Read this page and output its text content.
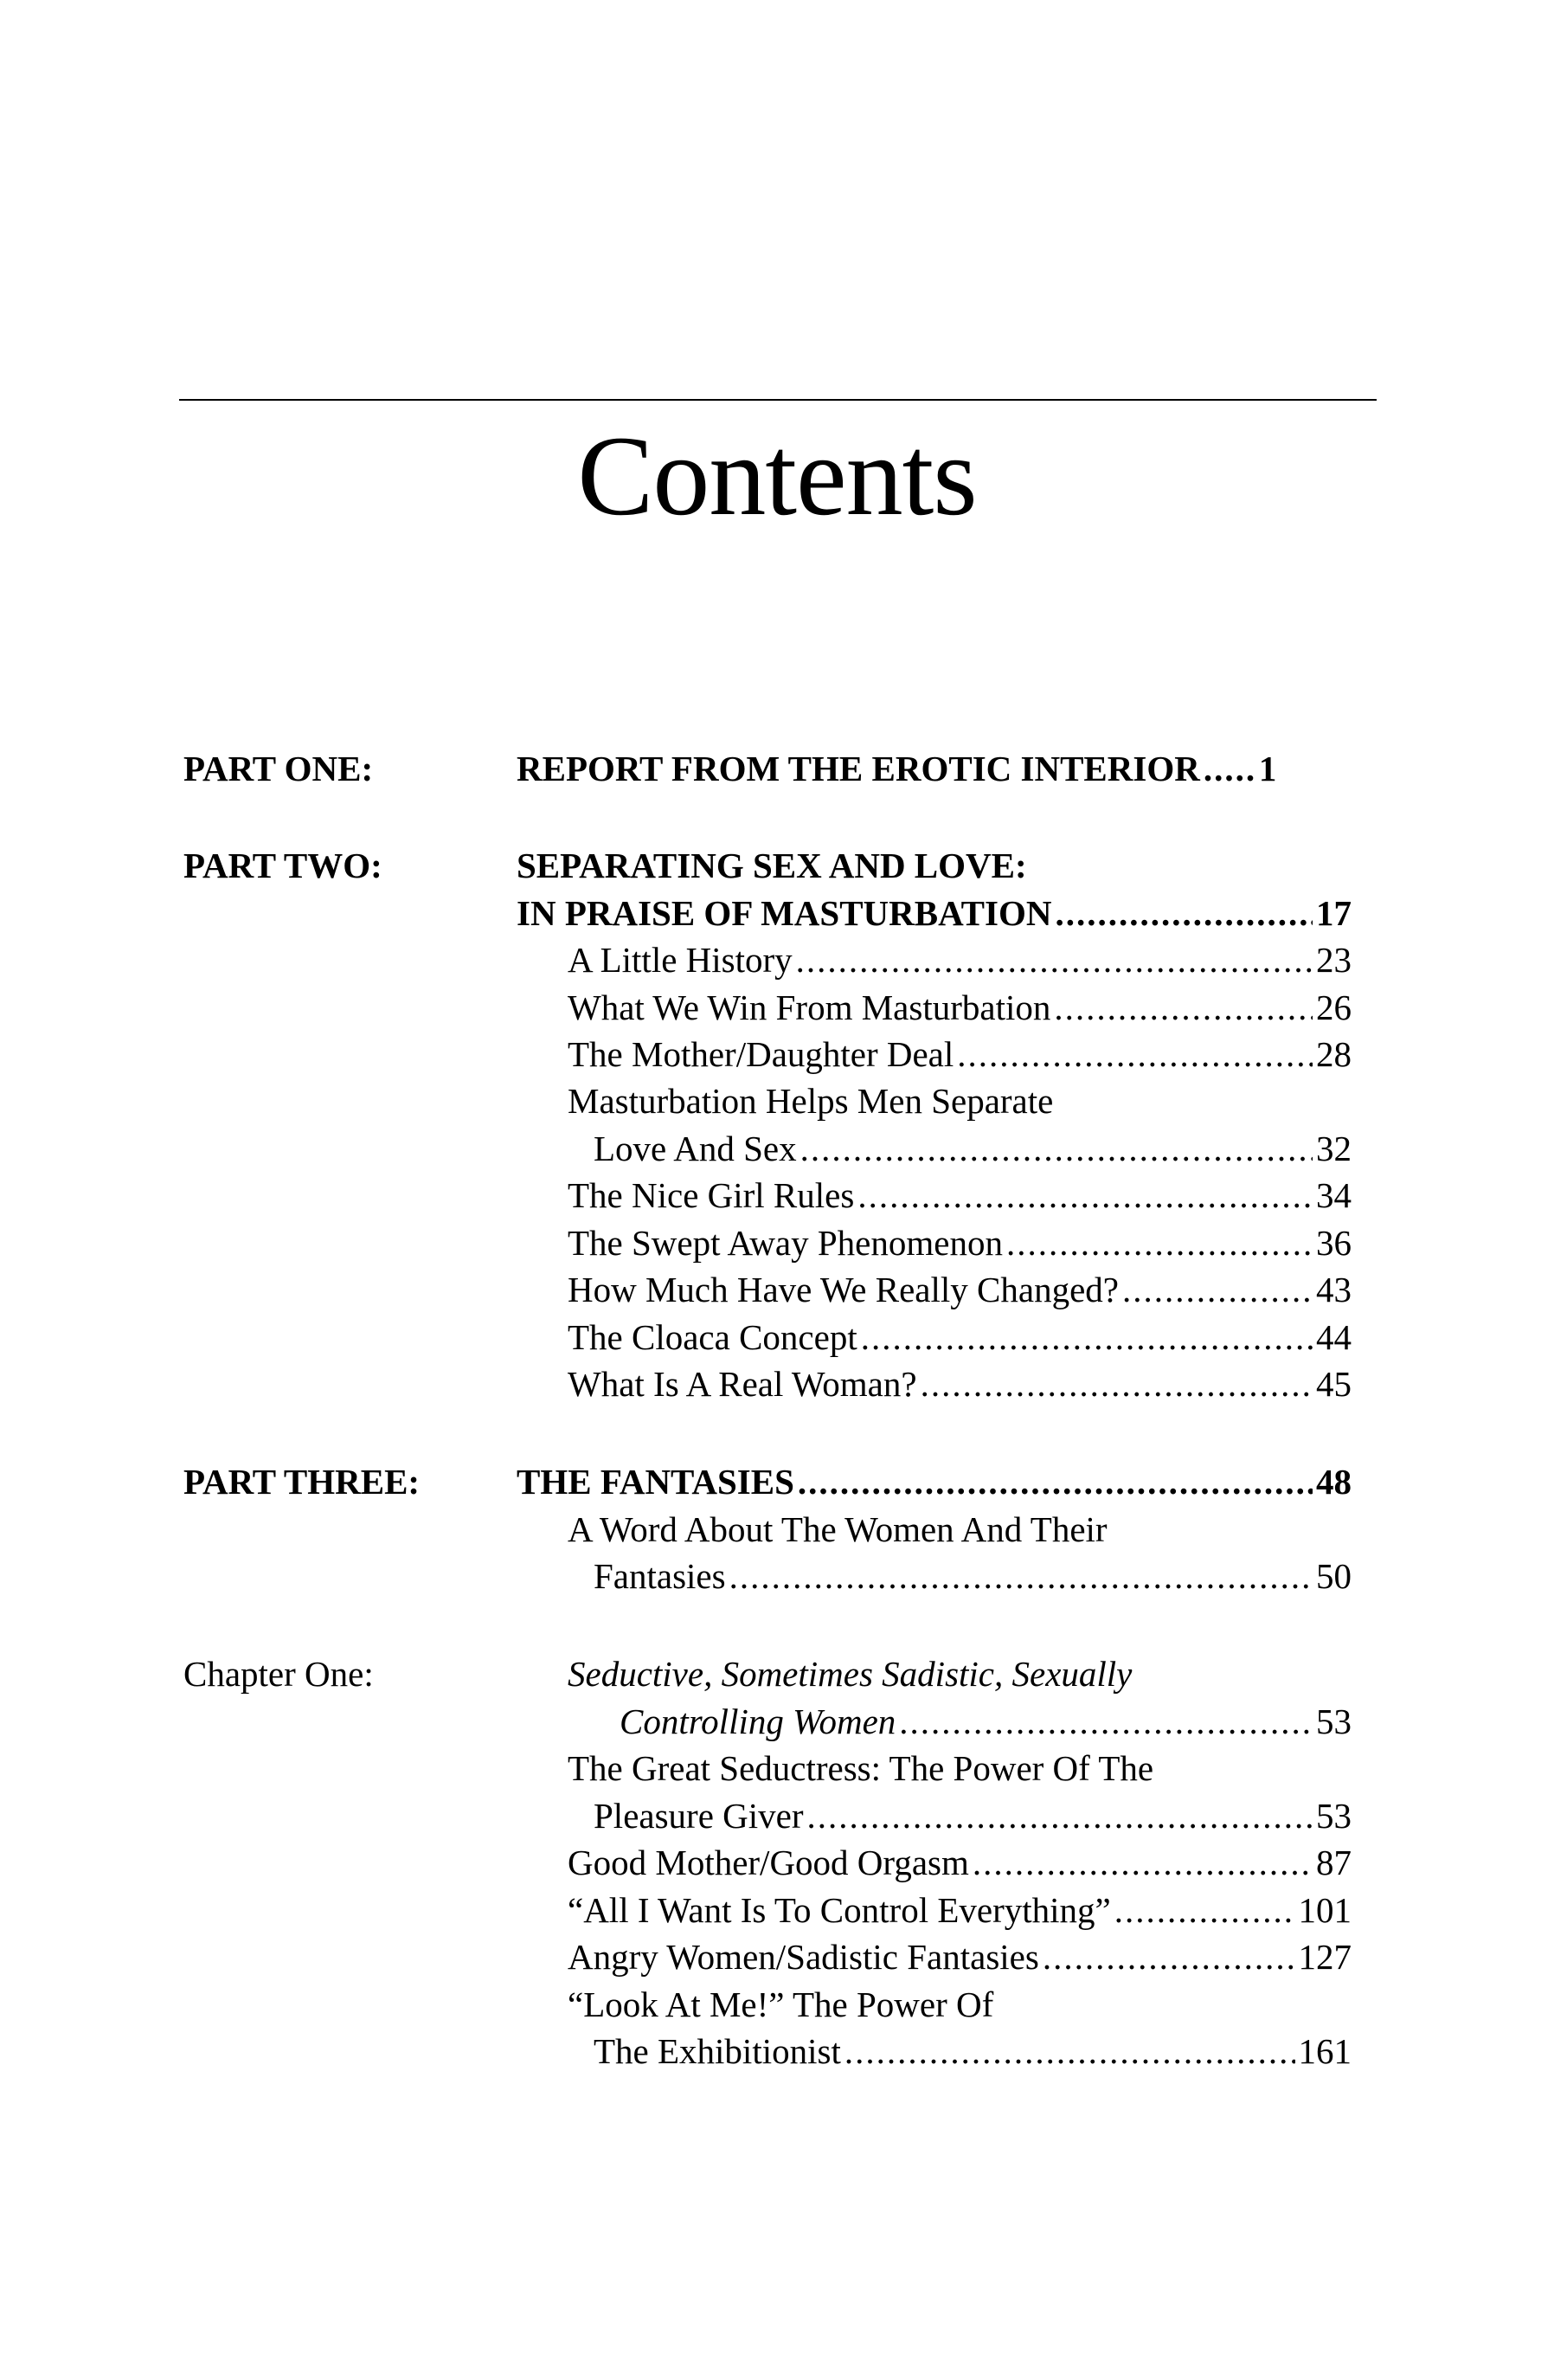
Contents
PART ONE:	REPORT FROM THE EROTIC INTERIOR ..... 1
PART TWO:	SEPARATING SEX AND LOVE:
IN PRAISE OF MASTURBATION .....	17
A Little History .....	23
What We Win From Masturbation .....	26
The Mother/Daughter Deal .....	28
Masturbation Helps Men Separate
Love And Sex .....	32
The Nice Girl Rules .....	34
The Swept Away Phenomenon .....	36
How Much Have We Really Changed? .....	43
The Cloaca Concept .....	44
What Is A Real Woman? .....	45
PART THREE:	THE FANTASIES .....	48
A Word About The Women And Their
Fantasies .....	50
Chapter One:	Seductive, Sometimes Sadistic, Sexually
Controlling Women .....	53
The Great Seductress: The Power Of The
Pleasure Giver .....	53
Good Mother/Good Orgasm .....	87
“All I Want Is To Control Everything” .....	101
Angry Women/Sadistic Fantasies .....	127
“Look At Me!” The Power Of
The Exhibitionist .....	161
